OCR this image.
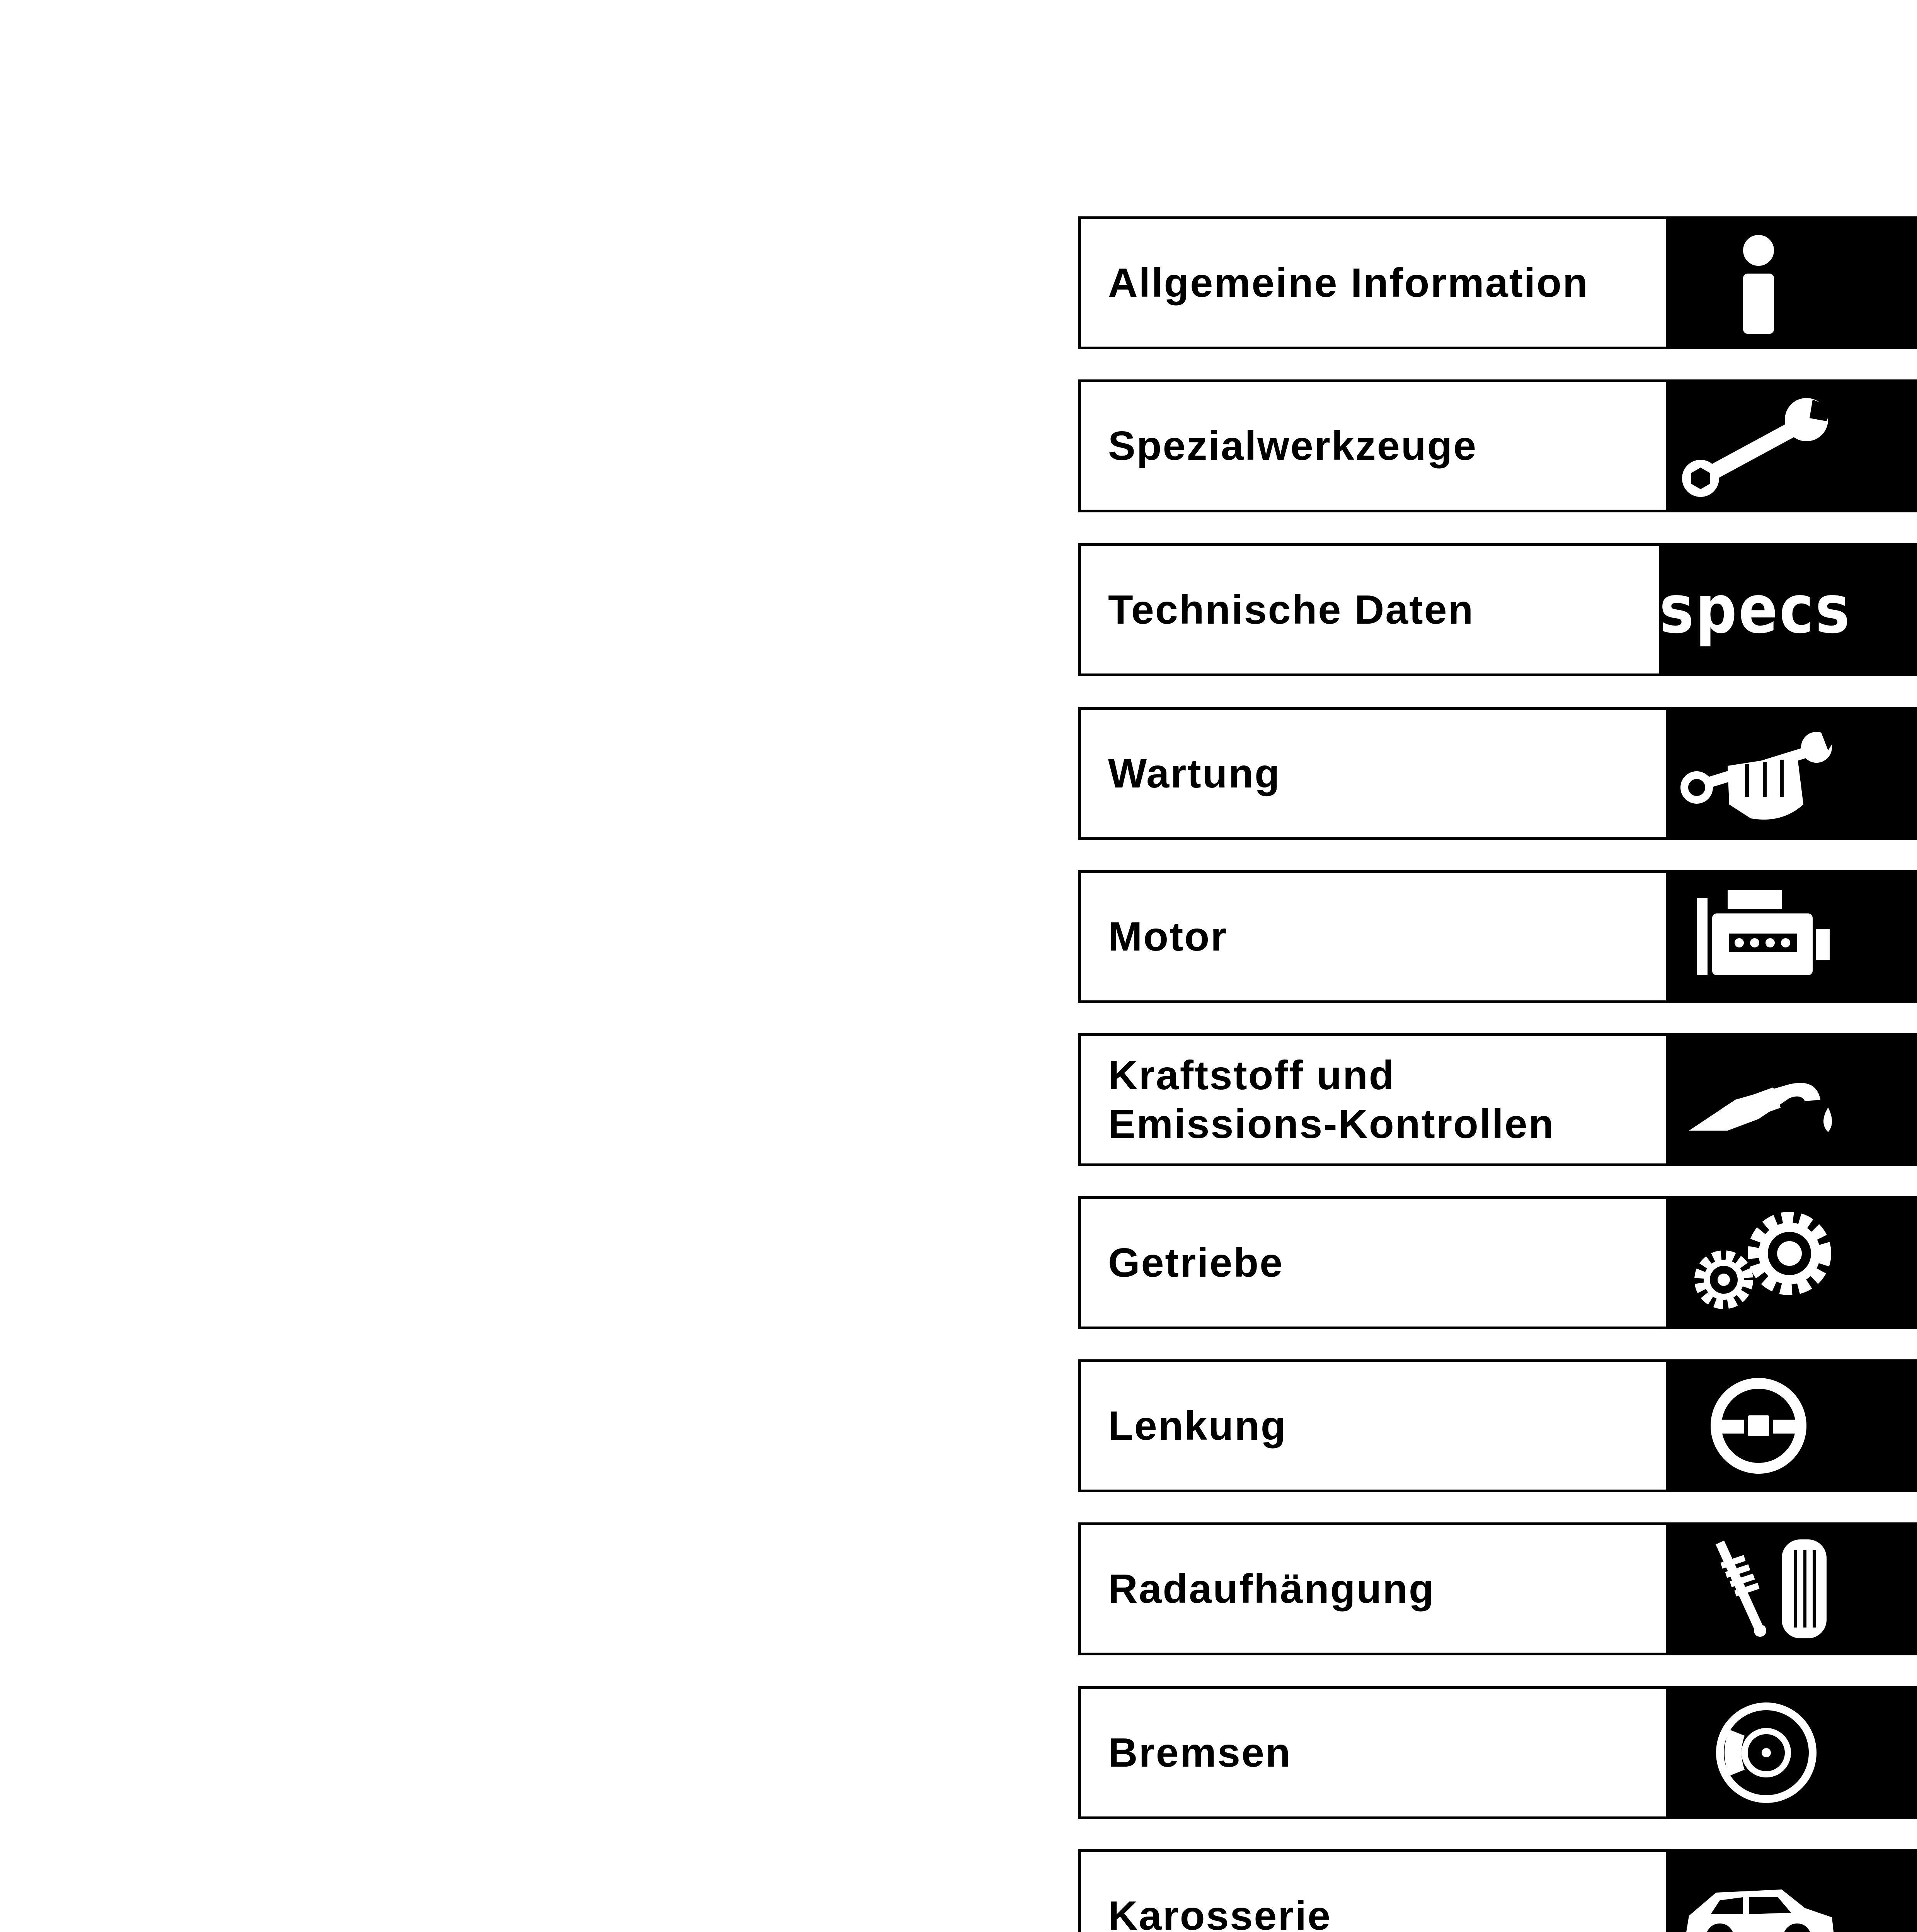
Allgemeine Information
Spezialwerkzeuge
Technische Daten	specs
Wartung
Motor
Kraftstoff und
Emissions-Kontrollen
Getriebe
Lenkung
Radaufhängung
Bremsen
Karosserie
